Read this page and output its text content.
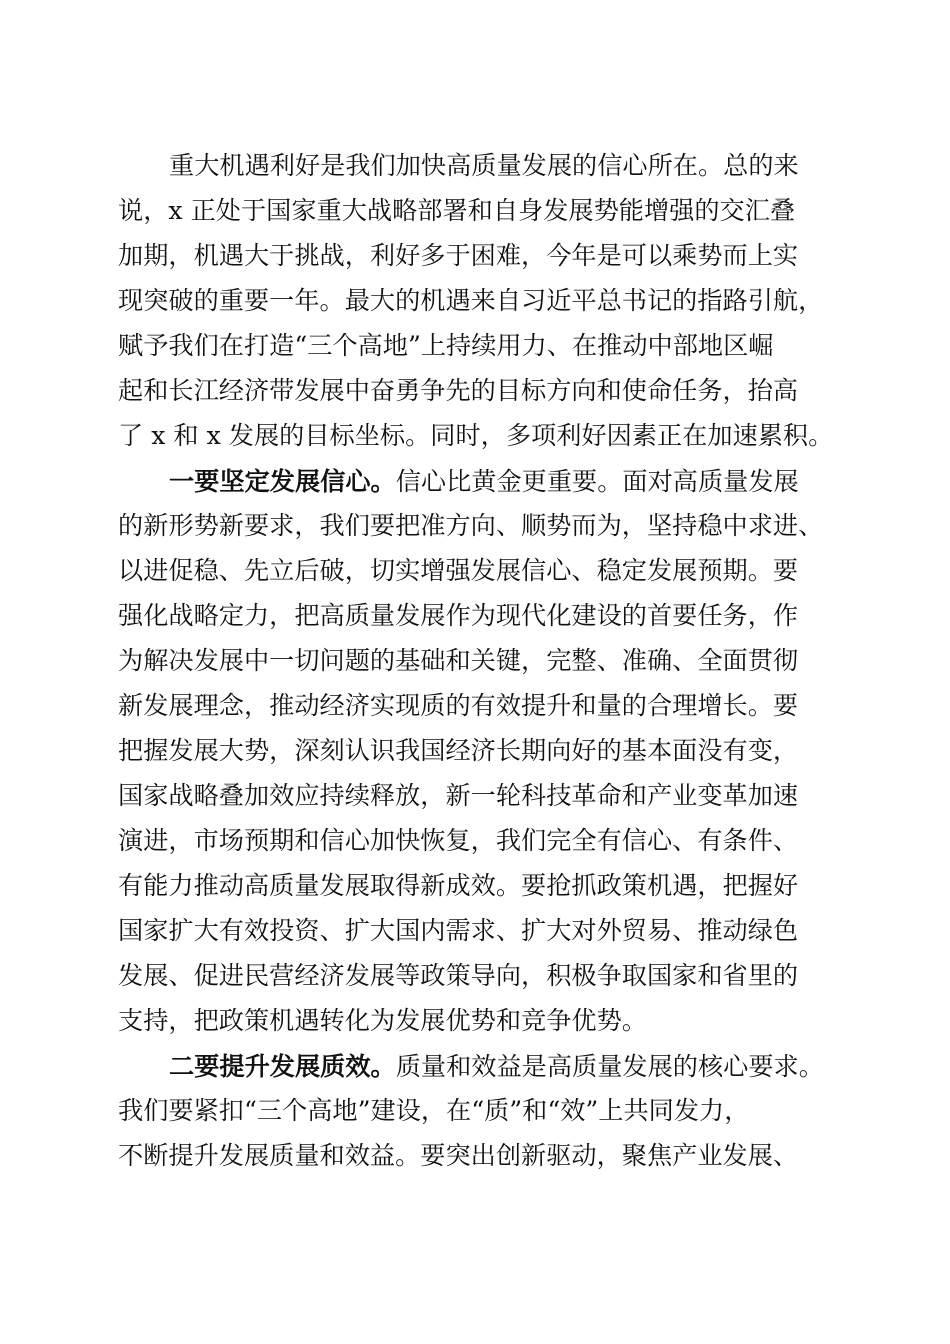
重大机遇利好是我们加快高质量发展的信心所在。总的来
说，x 正处于国家重大战略部署和自身发展势能增强的交汇叠
加期，机遇大于挑战，利好多于困难，今年是可以乘势而上实
现突破的重要一年。最大的机遇来自习近平总书记的指路引航，
赋予我们在打造“三个高地”上持续用力、在推动中部地区崛
起和长江经济带发展中奋勇争先的目标方向和使命任务，抬高
了 x 和 x 发展的目标坐标。同时，多项利好因素正在加速累积。
一要坚定发展信心。信心比黄金更重要。面对高质量发展
的新形势新要求，我们要把准方向、顺势而为，坚持稳中求进、
以进促稳、先立后破，切实增强发展信心、稳定发展预期。要
强化战略定力，把高质量发展作为现代化建设的首要任务，作
为解决发展中一切问题的基础和关键，完整、准确、全面贯彻
新发展理念，推动经济实现质的有效提升和量的合理增长。要
把握发展大势，深刻认识我国经济长期向好的基本面没有变，
国家战略叠加效应持续释放，新一轮科技革命和产业变革加速
演进，市场预期和信心加快恢复，我们完全有信心、有条件、
有能力推动高质量发展取得新成效。要抢抓政策机遇，把握好
国家扩大有效投资、扩大国内需求、扩大对外贸易、推动绿色
发展、促进民营经济发展等政策导向，积极争取国家和省里的
支持，把政策机遇转化为发展优势和竞争优势。
二要提升发展质效。质量和效益是高质量发展的核心要求。
我们要紧扣“三个高地”建设，在“质”和“效”上共同发力，
不断提升发展质量和效益。要突出创新驱动，聚焦产业发展、
